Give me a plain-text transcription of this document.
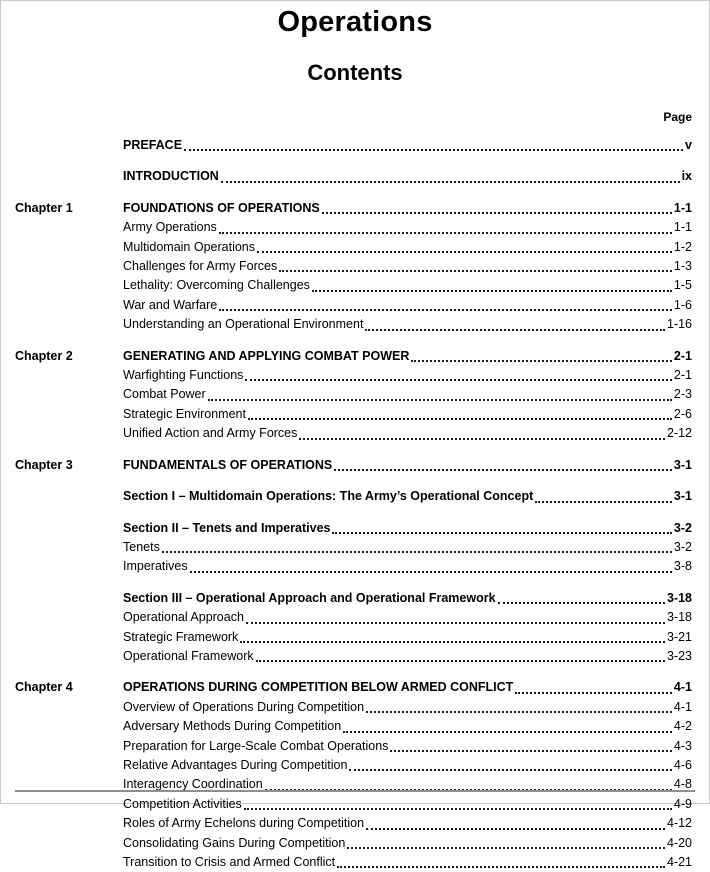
Operations
Contents
Page
PREFACE	v
INTRODUCTION	ix
Chapter 1	FOUNDATIONS OF OPERATIONS	1-1
Army Operations	1-1
Multidomain Operations	1-2
Challenges for Army Forces	1-3
Lethality: Overcoming Challenges	1-5
War and Warfare	1-6
Understanding an Operational Environment	1-16
Chapter 2	GENERATING AND APPLYING COMBAT POWER	2-1
Warfighting Functions	2-1
Combat Power	2-3
Strategic Environment	2-6
Unified Action and Army Forces	2-12
Chapter 3	FUNDAMENTALS OF OPERATIONS	3-1
Section I – Multidomain Operations: The Army’s Operational Concept	3-1
Section II – Tenets and Imperatives	3-2
Tenets	3-2
Imperatives	3-8
Section III – Operational Approach and Operational Framework	3-18
Operational Approach	3-18
Strategic Framework	3-21
Operational Framework	3-23
Chapter 4	OPERATIONS DURING COMPETITION BELOW ARMED CONFLICT	4-1
Overview of Operations During Competition	4-1
Adversary Methods During Competition	4-2
Preparation for Large-Scale Combat Operations	4-3
Relative Advantages During Competition	4-6
Interagency Coordination	4-8
Competition Activities	4-9
Roles of Army Echelons during Competition	4-12
Consolidating Gains During Competition	4-20
Transition to Crisis and Armed Conflict	4-21
